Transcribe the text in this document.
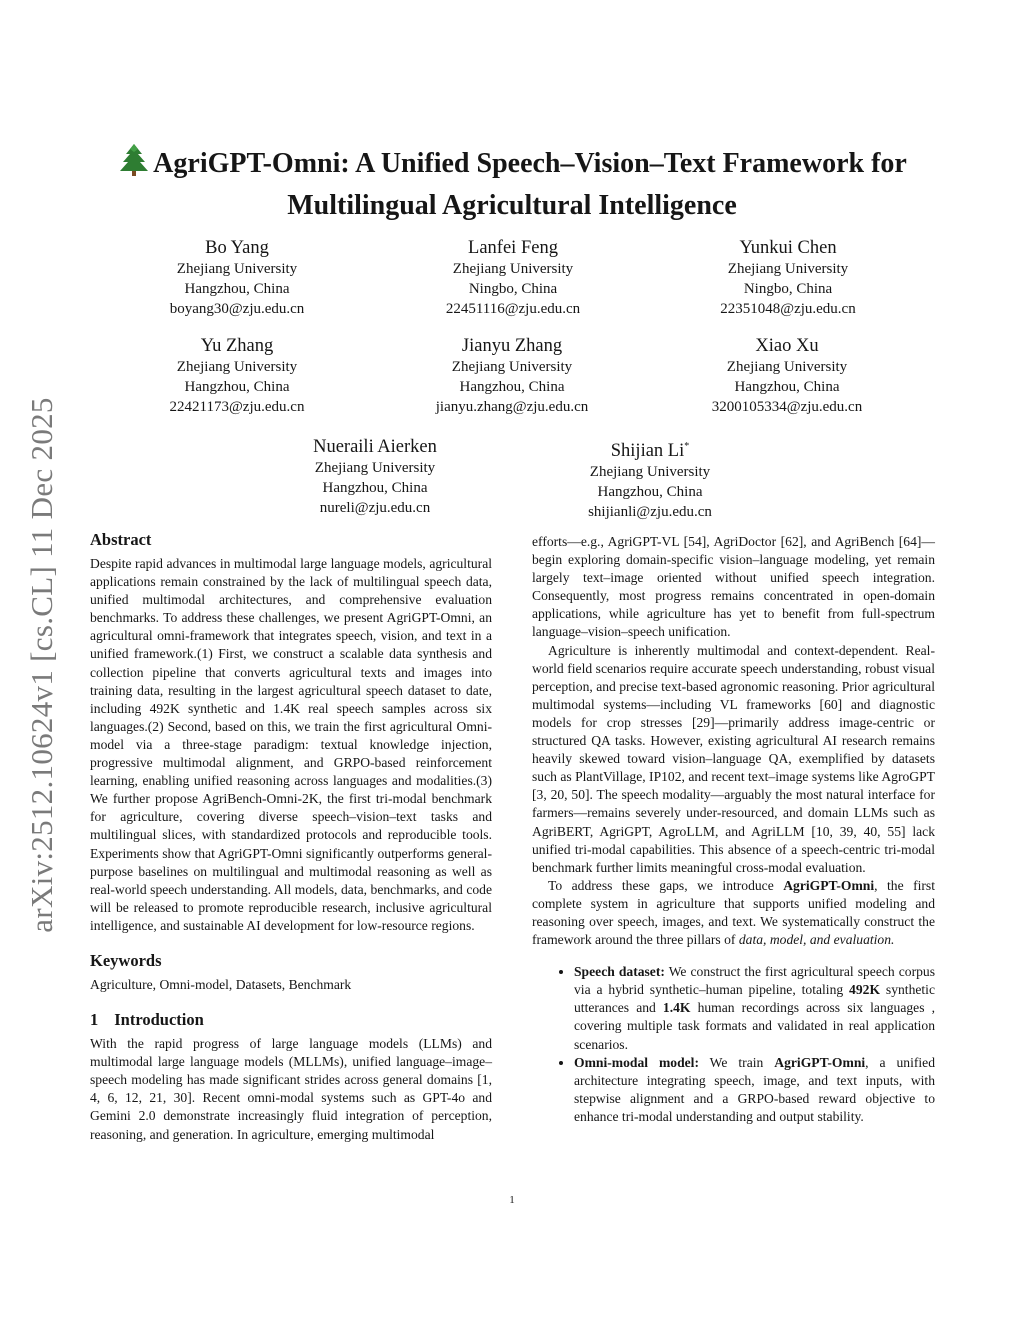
arXiv:2512.10624v1 [cs.CL] 11 Dec 2025
AgriGPT-Omni: A Unified Speech–Vision–Text Framework for
Multilingual Agricultural Intelligence
Bo Yang
Zhejiang University
Hangzhou, China
boyang30@zju.edu.cn
Lanfei Feng
Zhejiang University
Ningbo, China
22451116@zju.edu.cn
Yunkui Chen
Zhejiang University
Ningbo, China
22351048@zju.edu.cn
Yu Zhang
Zhejiang University
Hangzhou, China
22421173@zju.edu.cn
Jianyu Zhang
Zhejiang University
Hangzhou, China
jianyu.zhang@zju.edu.cn
Xiao Xu
Zhejiang University
Hangzhou, China
3200105334@zju.edu.cn
Nueraili Aierken
Zhejiang University
Hangzhou, China
nureli@zju.edu.cn
Shijian Li*
Zhejiang University
Hangzhou, China
shijianli@zju.edu.cn
Abstract

Despite rapid advances in multimodal large language models, agricultural applications remain constrained by the lack of multilingual speech data, unified multimodal architectures, and comprehensive evaluation benchmarks. To address these challenges, we present AgriGPT-Omni, an agricultural omni-framework that integrates speech, vision, and text in a unified framework.(1) First, we construct a scalable data synthesis and collection pipeline that converts agricultural texts and images into training data, resulting in the largest agricultural speech dataset to date, including 492K synthetic and 1.4K real speech samples across six languages.(2) Second, based on this, we train the first agricultural Omni-model via a three-stage paradigm: textual knowledge injection, progressive multimodal alignment, and GRPO-based reinforcement learning, enabling unified reasoning across languages and modalities.(3) We further propose AgriBench-Omni-2K, the first tri-modal benchmark for agriculture, covering diverse speech–vision–text tasks and multilingual slices, with standardized protocols and reproducible tools. Experiments show that AgriGPT-Omni significantly outperforms general-purpose baselines on multilingual and multimodal reasoning as well as real-world speech understanding. All models, data, benchmarks, and code will be released to promote reproducible research, inclusive agricultural intelligence, and sustainable AI development for low-resource regions.

Keywords

Agriculture, Omni-model, Datasets, Benchmark

1 Introduction

With the rapid progress of large language models (LLMs) and multimodal large language models (MLLMs), unified language–image–speech modeling has made significant strides across general domains [1, 4, 6, 12, 21, 30]. Recent omni-modal systems such as GPT-4o and Gemini 2.0 demonstrate increasingly fluid integration of perception, reasoning, and generation. In agriculture, emerging multimodal

efforts—e.g., AgriGPT-VL [54], AgriDoctor [62], and AgriBench [64]—begin exploring domain-specific vision–language modeling, yet remain largely text–image oriented without unified speech integration. Consequently, most progress remains concentrated in open-domain applications, while agriculture has yet to benefit from full-spectrum language–vision–speech unification.

Agriculture is inherently multimodal and context-dependent. Real-world field scenarios require accurate speech understanding, robust visual perception, and precise text-based agronomic reasoning. Prior agricultural multimodal systems—including VL frameworks [60] and diagnostic models for crop stresses [29]—primarily address image-centric or structured QA tasks. However, existing agricultural AI research remains heavily skewed toward vision–language QA, exemplified by datasets such as PlantVillage, IP102, and recent text–image systems like AgroGPT [3, 20, 50]. The speech modality—arguably the most natural interface for farmers—remains severely under-resourced, and domain LLMs such as AgriBERT, AgriGPT, AgroLLM, and AgriLLM [10, 39, 40, 55] lack unified tri-modal capabilities. This absence of a speech-centric tri-modal benchmark further limits meaningful cross-modal evaluation.

To address these gaps, we introduce AgriGPT-Omni, the first complete system in agriculture that supports unified modeling and reasoning over speech, images, and text. We systematically construct the framework around the three pillars of data, model, and evaluation.

• Speech dataset: We construct the first agricultural speech corpus via a hybrid synthetic–human pipeline, totaling 492K synthetic utterances and 1.4K human recordings across six languages , covering multiple task formats and validated in real application scenarios.
• Omni-modal model: We train AgriGPT-Omni, a unified architecture integrating speech, image, and text inputs, with stepwise alignment and a GRPO-based reward objective to enhance tri-modal understanding and output stability.
1
